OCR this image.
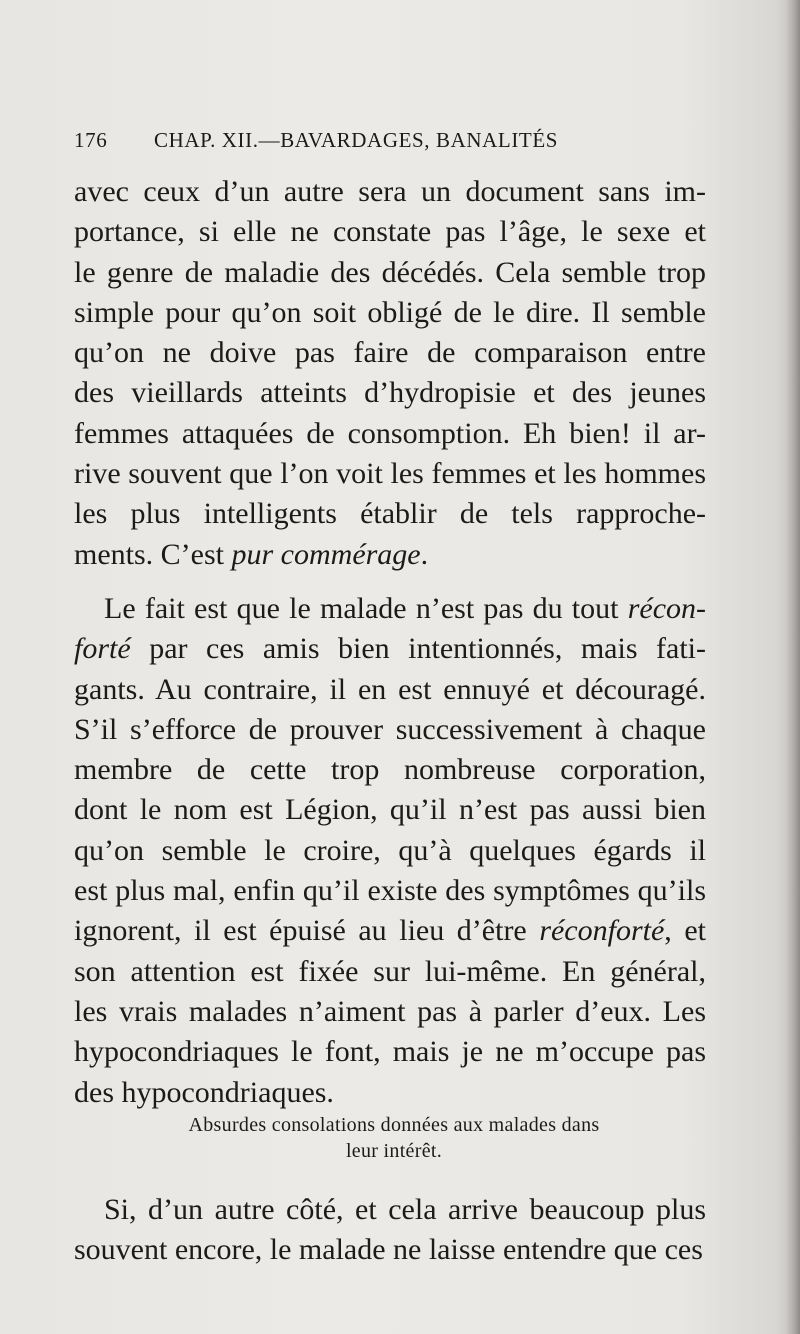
176 CHAP. XII.—BAVARDAGES, BANALITÉS
avec ceux d’un autre sera un document sans im-
portance, si elle ne constate pas l’âge, le sexe et
le genre de maladie des décédés. Cela semble trop
simple pour qu’on soit obligé de le dire. Il semble
qu’on ne doive pas faire de comparaison entre
des vieillards atteints d’hydropisie et des jeunes
femmes attaquées de consomption. Eh bien! il ar-
rive souvent que l’on voit les femmes et les hommes
les plus intelligents établir de tels rapproche-
ments. C’est pur commérage.
Le fait est que le malade n’est pas du tout récon-
forté par ces amis bien intentionnés, mais fati-
gants. Au contraire, il en est ennuyé et découragé.
S’il s’efforce de prouver successivement à chaque
membre de cette trop nombreuse corporation,
dont le nom est Légion, qu’il n’est pas aussi bien
qu’on semble le croire, qu’à quelques égards il
est plus mal, enfin qu’il existe des symptômes qu’ils
ignorent, il est épuisé au lieu d’être réconforté, et
son attention est fixée sur lui-même. En général,
les vrais malades n’aiment pas à parler d’eux. Les
hypocondriaques le font, mais je ne m’occupe pas
des hypocondriaques.
Absurdes consolations données aux malades dans
leur intérêt.
Si, d’un autre côté, et cela arrive beaucoup plus
souvent encore, le malade ne laisse entendre que ces
